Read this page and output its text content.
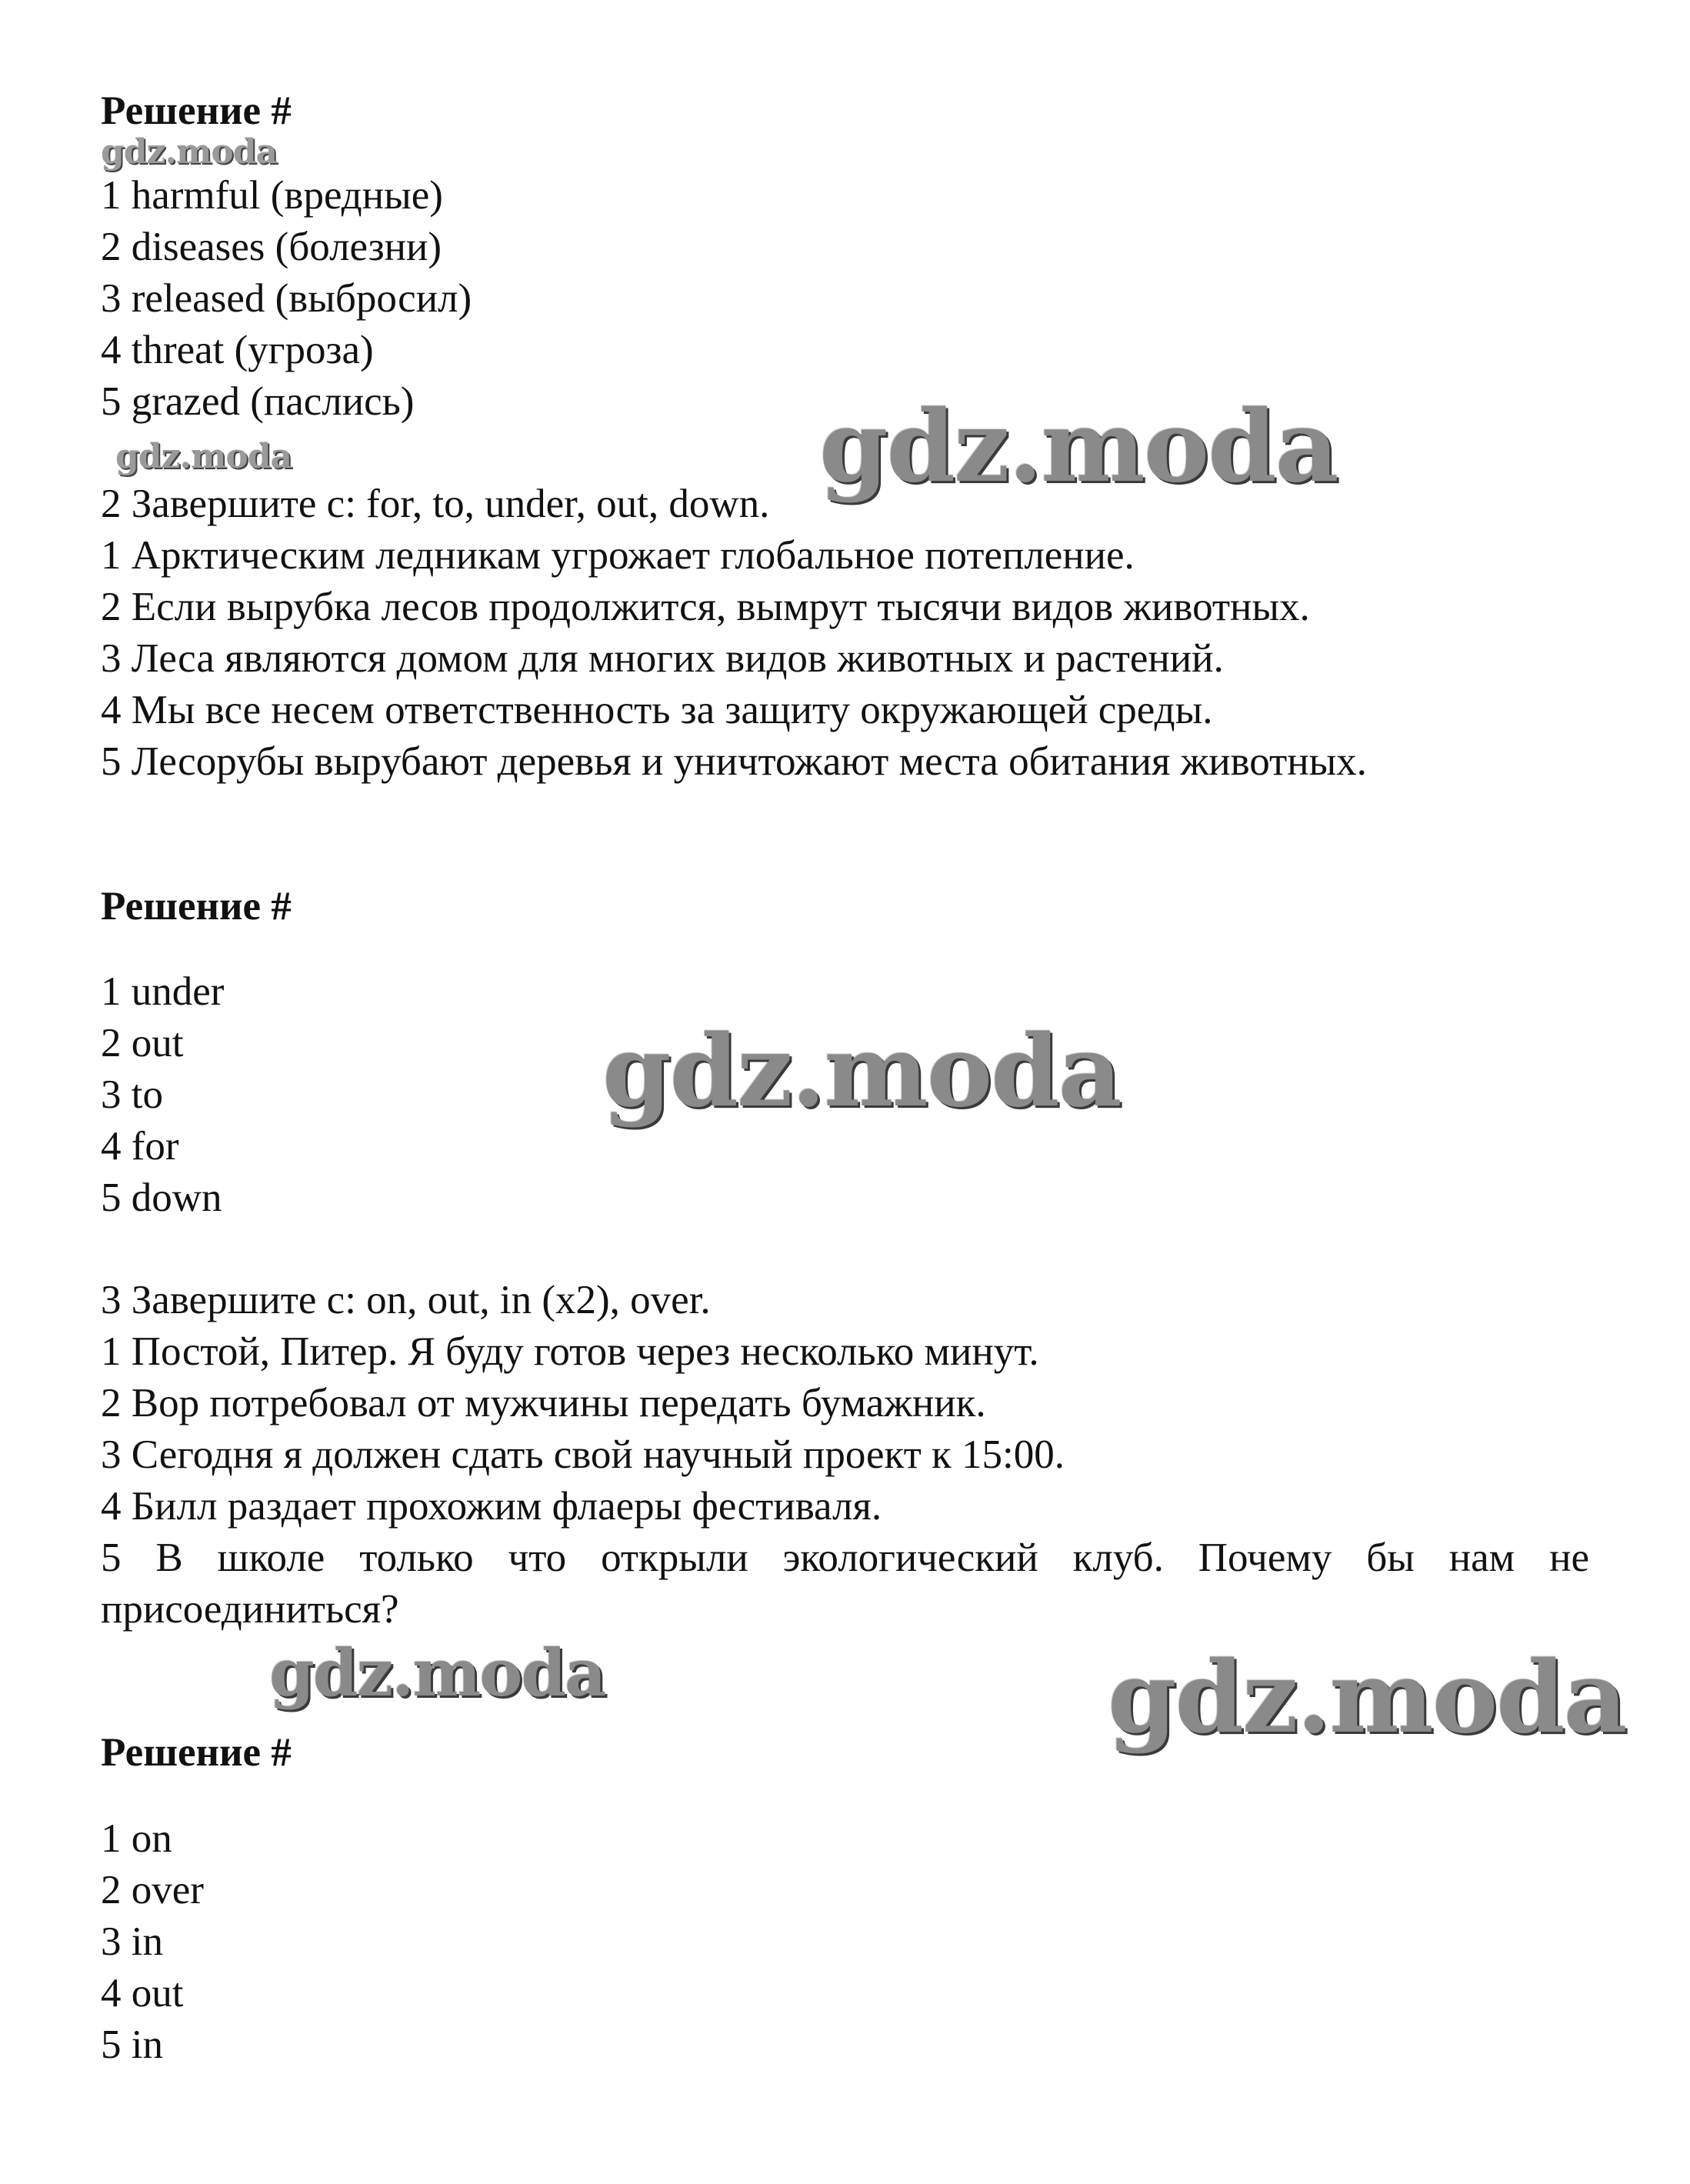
gdz.moda
gdz.moda	gdz.moda
gdz.moda
gdz.moda	gdz.moda
Решение #
1 harmful (вредные)
2 diseases (болезни)
3 released (выбросил)
4 threat (угроза)
5 grazed (паслись)
2 Завершите с: for, to, under, out, down.
1 Арктическим ледникам угрожает глобальное потепление.
2 Если вырубка лесов продолжится, вымрут тысячи видов животных.
3 Леса являются домом для многих видов животных и растений.
4 Мы все несем ответственность за защиту окружающей среды.
5 Лесорубы вырубают деревья и уничтожают места обитания животных.
Решение #
1 under
2 out
3 to
4 for
5 down
3 Завершите с: on, out, in (x2), over.
1 Постой, Питер. Я буду готов через несколько минут.
2 Вор потребовал от мужчины передать бумажник.
3 Сегодня я должен сдать свой научный проект к 15:00.
4 Билл раздает прохожим флаеры фестиваля.
5 В школе только что открыли экологический клуб. Почему бы нам не
присоединиться?
Решение #
1 on
2 over
3 in
4 out
5 in
